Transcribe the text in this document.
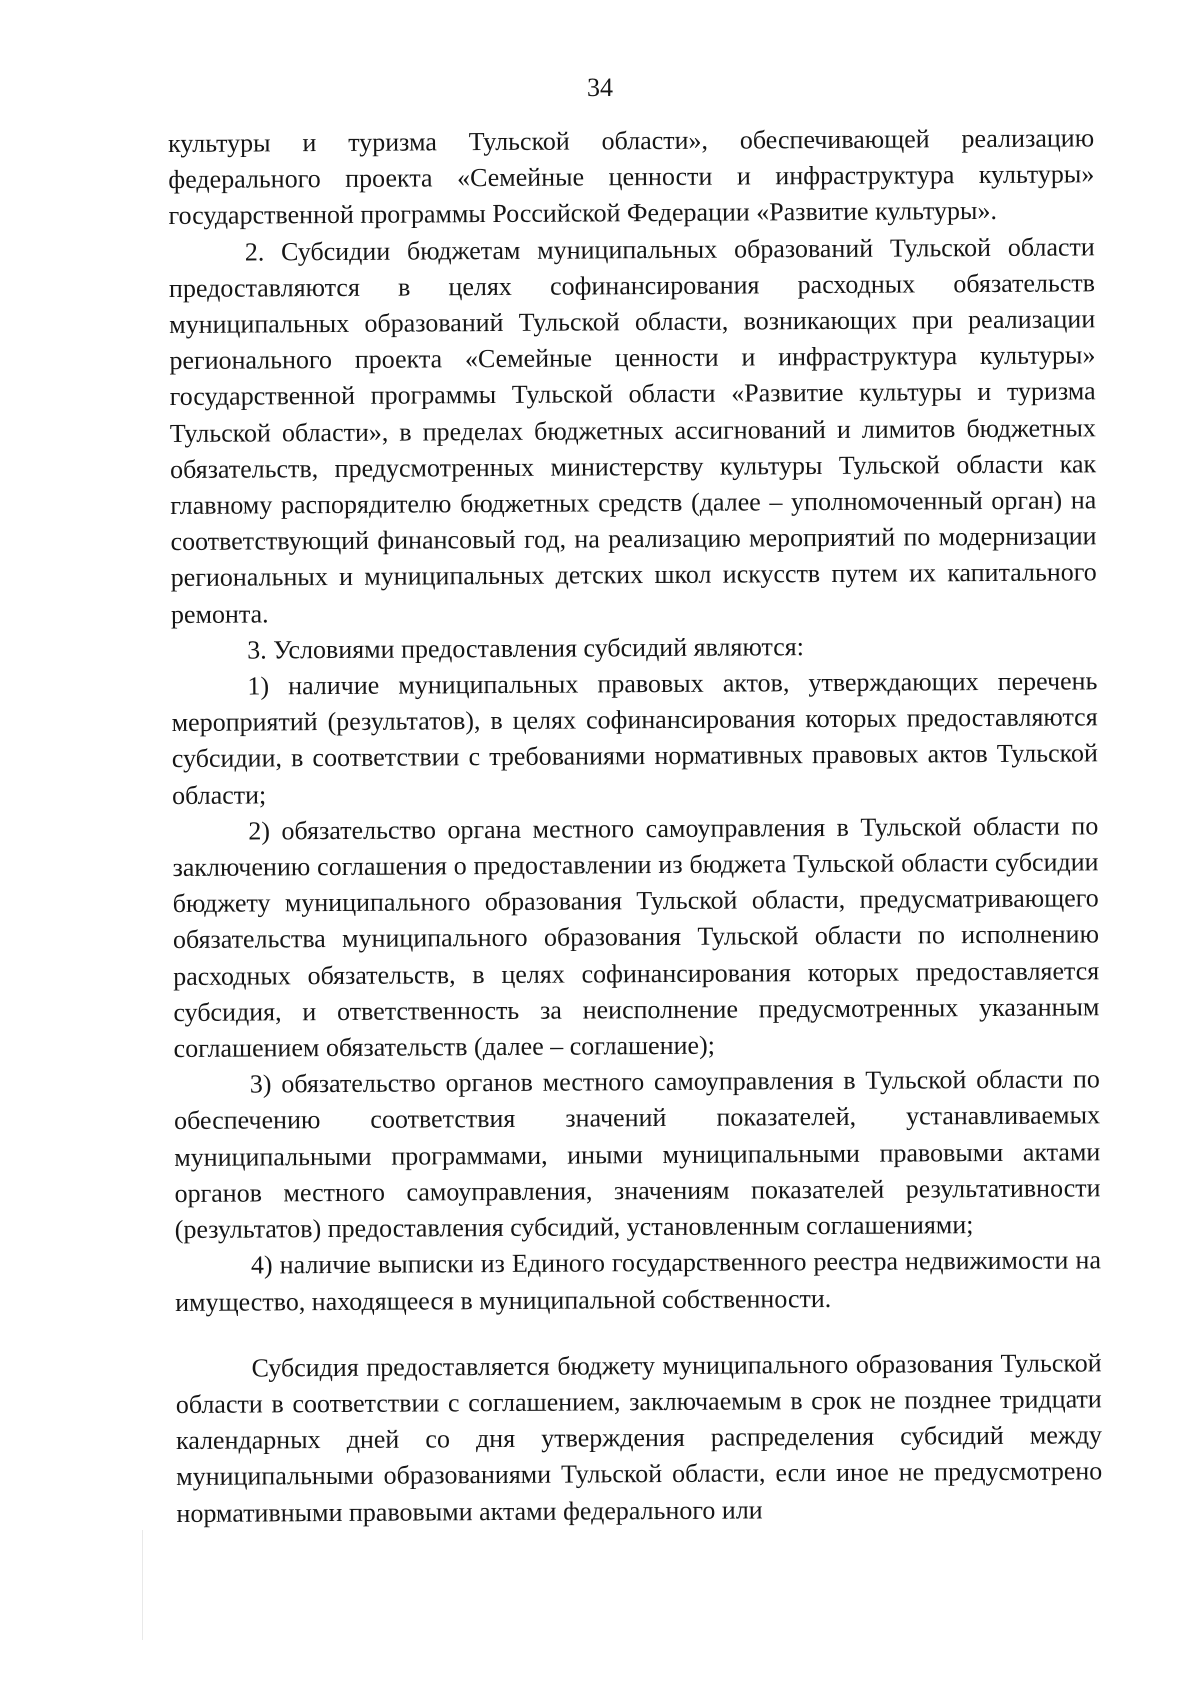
34

культуры и туризма Тульской области», обеспечивающей реализацию федерального проекта «Семейные ценности и инфраструктура культуры» государственной программы Российской Федерации «Развитие культуры».

2. Субсидии бюджетам муниципальных образований Тульской области предоставляются в целях софинансирования расходных обязательств муниципальных образований Тульской области, возникающих при реализации регионального проекта «Семейные ценности и инфраструктура культуры» государственной программы Тульской области «Развитие культуры и туризма Тульской области», в пределах бюджетных ассигнований и лимитов бюджетных обязательств, предусмотренных министерству культуры Тульской области как главному распорядителю бюджетных средств (далее – уполномоченный орган) на соответствующий финансовый год, на реализацию мероприятий по модернизации региональных и муниципальных детских школ искусств путем их капитального ремонта.

3. Условиями предоставления субсидий являются:

1) наличие муниципальных правовых актов, утверждающих перечень мероприятий (результатов), в целях софинансирования которых предоставляются субсидии, в соответствии с требованиями нормативных правовых актов Тульской области;

2) обязательство органа местного самоуправления в Тульской области по заключению соглашения о предоставлении из бюджета Тульской области субсидии бюджету муниципального образования Тульской области, предусматривающего обязательства муниципального образования Тульской области по исполнению расходных обязательств, в целях софинансирования которых предоставляется субсидия, и ответственность за неисполнение предусмотренных указанным соглашением обязательств (далее – соглашение);

3) обязательство органов местного самоуправления в Тульской области по обеспечению соответствия значений показателей, устанавливаемых муниципальными программами, иными муниципальными правовыми актами органов местного самоуправления, значениям показателей результативности (результатов) предоставления субсидий, установленным соглашениями;

4) наличие выписки из Единого государственного реестра недвижимости на имущество, находящееся в муниципальной собственности.

Субсидия предоставляется бюджету муниципального образования Тульской области в соответствии с соглашением, заключаемым в срок не позднее тридцати календарных дней со дня утверждения распределения субсидий между муниципальными образованиями Тульской области, если иное не предусмотрено нормативными правовыми актами федерального или
